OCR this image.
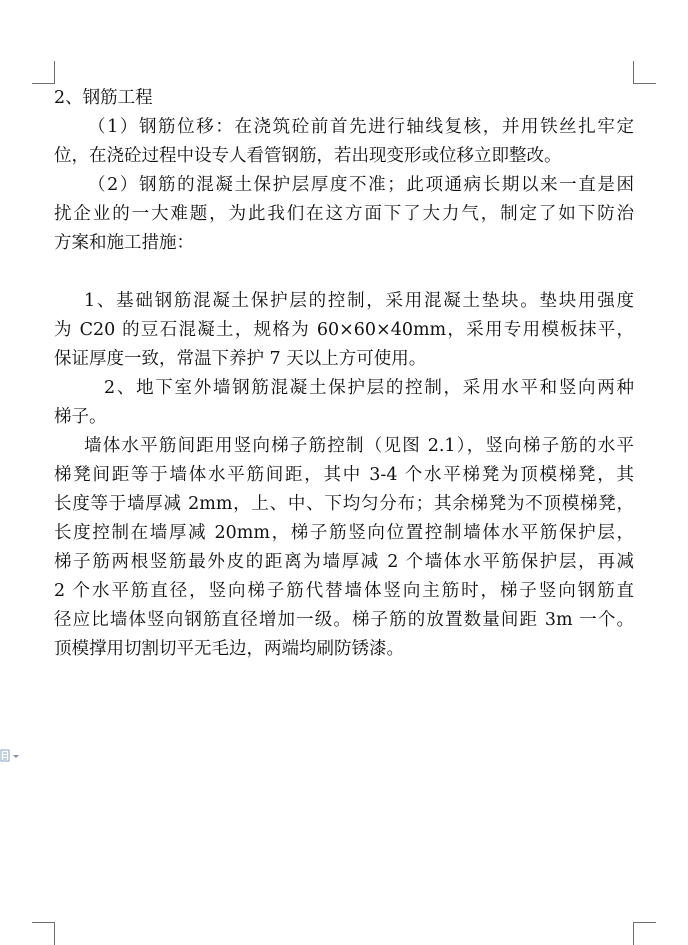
2、钢筋工程
（1）钢筋位移：在浇筑砼前首先进行轴线复核，并用铁丝扎牢定
位，在浇砼过程中设专人看管钢筋，若出现变形或位移立即整改。
（2）钢筋的混凝土保护层厚度不准；此项通病长期以来一直是困
扰企业的一大难题，为此我们在这方面下了大力气，制定了如下防治
方案和施工措施：
1、基础钢筋混凝土保护层的控制，采用混凝土垫块。垫块用强度
为 C20 的豆石混凝土，规格为 60×60×40mm，采用专用模板抹平，
保证厚度一致，常温下养护 7 天以上方可使用。
2、地下室外墙钢筋混凝土保护层的控制，采用水平和竖向两种
梯子。
墙体水平筋间距用竖向梯子筋控制（见图 2.1），竖向梯子筋的水平
梯凳间距等于墙体水平筋间距，其中 3-4 个水平梯凳为顶模梯凳，其
长度等于墙厚减 2mm，上、中、下均匀分布；其余梯凳为不顶模梯凳，
长度控制在墙厚减 20mm，梯子筋竖向位置控制墙体水平筋保护层，
梯子筋两根竖筋最外皮的距离为墙厚减 2 个墙体水平筋保护层，再减
2 个水平筋直径，竖向梯子筋代替墙体竖向主筋时，梯子竖向钢筋直
径应比墙体竖向钢筋直径增加一级。梯子筋的放置数量间距 3m 一个。
顶模撑用切割切平无毛边，两端均刷防锈漆。
